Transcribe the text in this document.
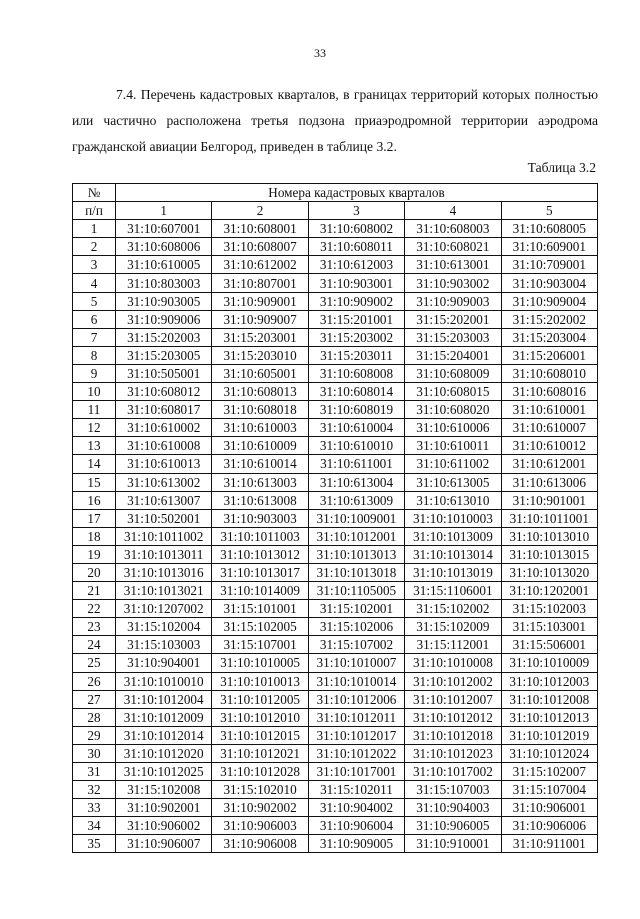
33

7.4. Перечень кадастровых кварталов, в границах территорий которых полностью или частично расположена третья подзона приаэродромной территории аэродрома гражданской авиации Белгород, приведен в таблице 3.2.

Таблица 3.2
№	Номера кадастровых кварталов				
п/п	1	2	3	4	5
1	31:10:607001	31:10:608001	31:10:608002	31:10:608003	31:10:608005
2	31:10:608006	31:10:608007	31:10:608011	31:10:608021	31:10:609001
3	31:10:610005	31:10:612002	31:10:612003	31:10:613001	31:10:709001
4	31:10:803003	31:10:807001	31:10:903001	31:10:903002	31:10:903004
5	31:10:903005	31:10:909001	31:10:909002	31:10:909003	31:10:909004
6	31:10:909006	31:10:909007	31:15:201001	31:15:202001	31:15:202002
7	31:15:202003	31:15:203001	31:15:203002	31:15:203003	31:15:203004
8	31:15:203005	31:15:203010	31:15:203011	31:15:204001	31:15:206001
9	31:10:505001	31:10:605001	31:10:608008	31:10:608009	31:10:608010
10	31:10:608012	31:10:608013	31:10:608014	31:10:608015	31:10:608016
11	31:10:608017	31:10:608018	31:10:608019	31:10:608020	31:10:610001
12	31:10:610002	31:10:610003	31:10:610004	31:10:610006	31:10:610007
13	31:10:610008	31:10:610009	31:10:610010	31:10:610011	31:10:610012
14	31:10:610013	31:10:610014	31:10:611001	31:10:611002	31:10:612001
15	31:10:613002	31:10:613003	31:10:613004	31:10:613005	31:10:613006
16	31:10:613007	31:10:613008	31:10:613009	31:10:613010	31:10:901001
17	31:10:502001	31:10:903003	31:10:1009001	31:10:1010003	31:10:1011001
18	31:10:1011002	31:10:1011003	31:10:1012001	31:10:1013009	31:10:1013010
19	31:10:1013011	31:10:1013012	31:10:1013013	31:10:1013014	31:10:1013015
20	31:10:1013016	31:10:1013017	31:10:1013018	31:10:1013019	31:10:1013020
21	31:10:1013021	31:10:1014009	31:10:1105005	31:15:1106001	31:10:1202001
22	31:10:1207002	31:15:101001	31:15:102001	31:15:102002	31:15:102003
23	31:15:102004	31:15:102005	31:15:102006	31:15:102009	31:15:103001
24	31:15:103003	31:15:107001	31:15:107002	31:15:112001	31:15:506001
25	31:10:904001	31:10:1010005	31:10:1010007	31:10:1010008	31:10:1010009
26	31:10:1010010	31:10:1010013	31:10:1010014	31:10:1012002	31:10:1012003
27	31:10:1012004	31:10:1012005	31:10:1012006	31:10:1012007	31:10:1012008
28	31:10:1012009	31:10:1012010	31:10:1012011	31:10:1012012	31:10:1012013
29	31:10:1012014	31:10:1012015	31:10:1012017	31:10:1012018	31:10:1012019
30	31:10:1012020	31:10:1012021	31:10:1012022	31:10:1012023	31:10:1012024
31	31:10:1012025	31:10:1012028	31:10:1017001	31:10:1017002	31:15:102007
32	31:15:102008	31:15:102010	31:15:102011	31:15:107003	31:15:107004
33	31:10:902001	31:10:902002	31:10:904002	31:10:904003	31:10:906001
34	31:10:906002	31:10:906003	31:10:906004	31:10:906005	31:10:906006
35	31:10:906007	31:10:906008	31:10:909005	31:10:910001	31:10:911001
